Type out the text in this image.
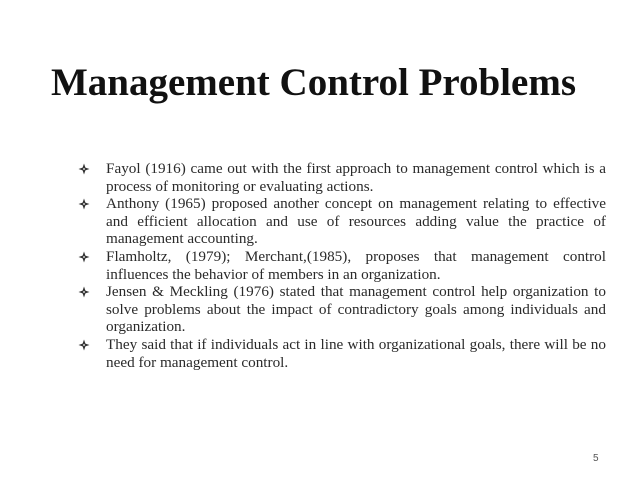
Management Control Problems
Fayol (1916) came out with the first approach to management control which is a process of monitoring or evaluating actions.
Anthony (1965) proposed another concept on management relating to effective and efficient allocation and use of resources adding value the practice of management accounting.
Flamholtz, (1979); Merchant,(1985), proposes that management control influences the behavior of members in an organization.
Jensen & Meckling (1976) stated that management control help organization to solve problems about the impact of contradictory goals among individuals and organization.
They said that if individuals act in line with organizational goals, there will be no need for management control.
5
